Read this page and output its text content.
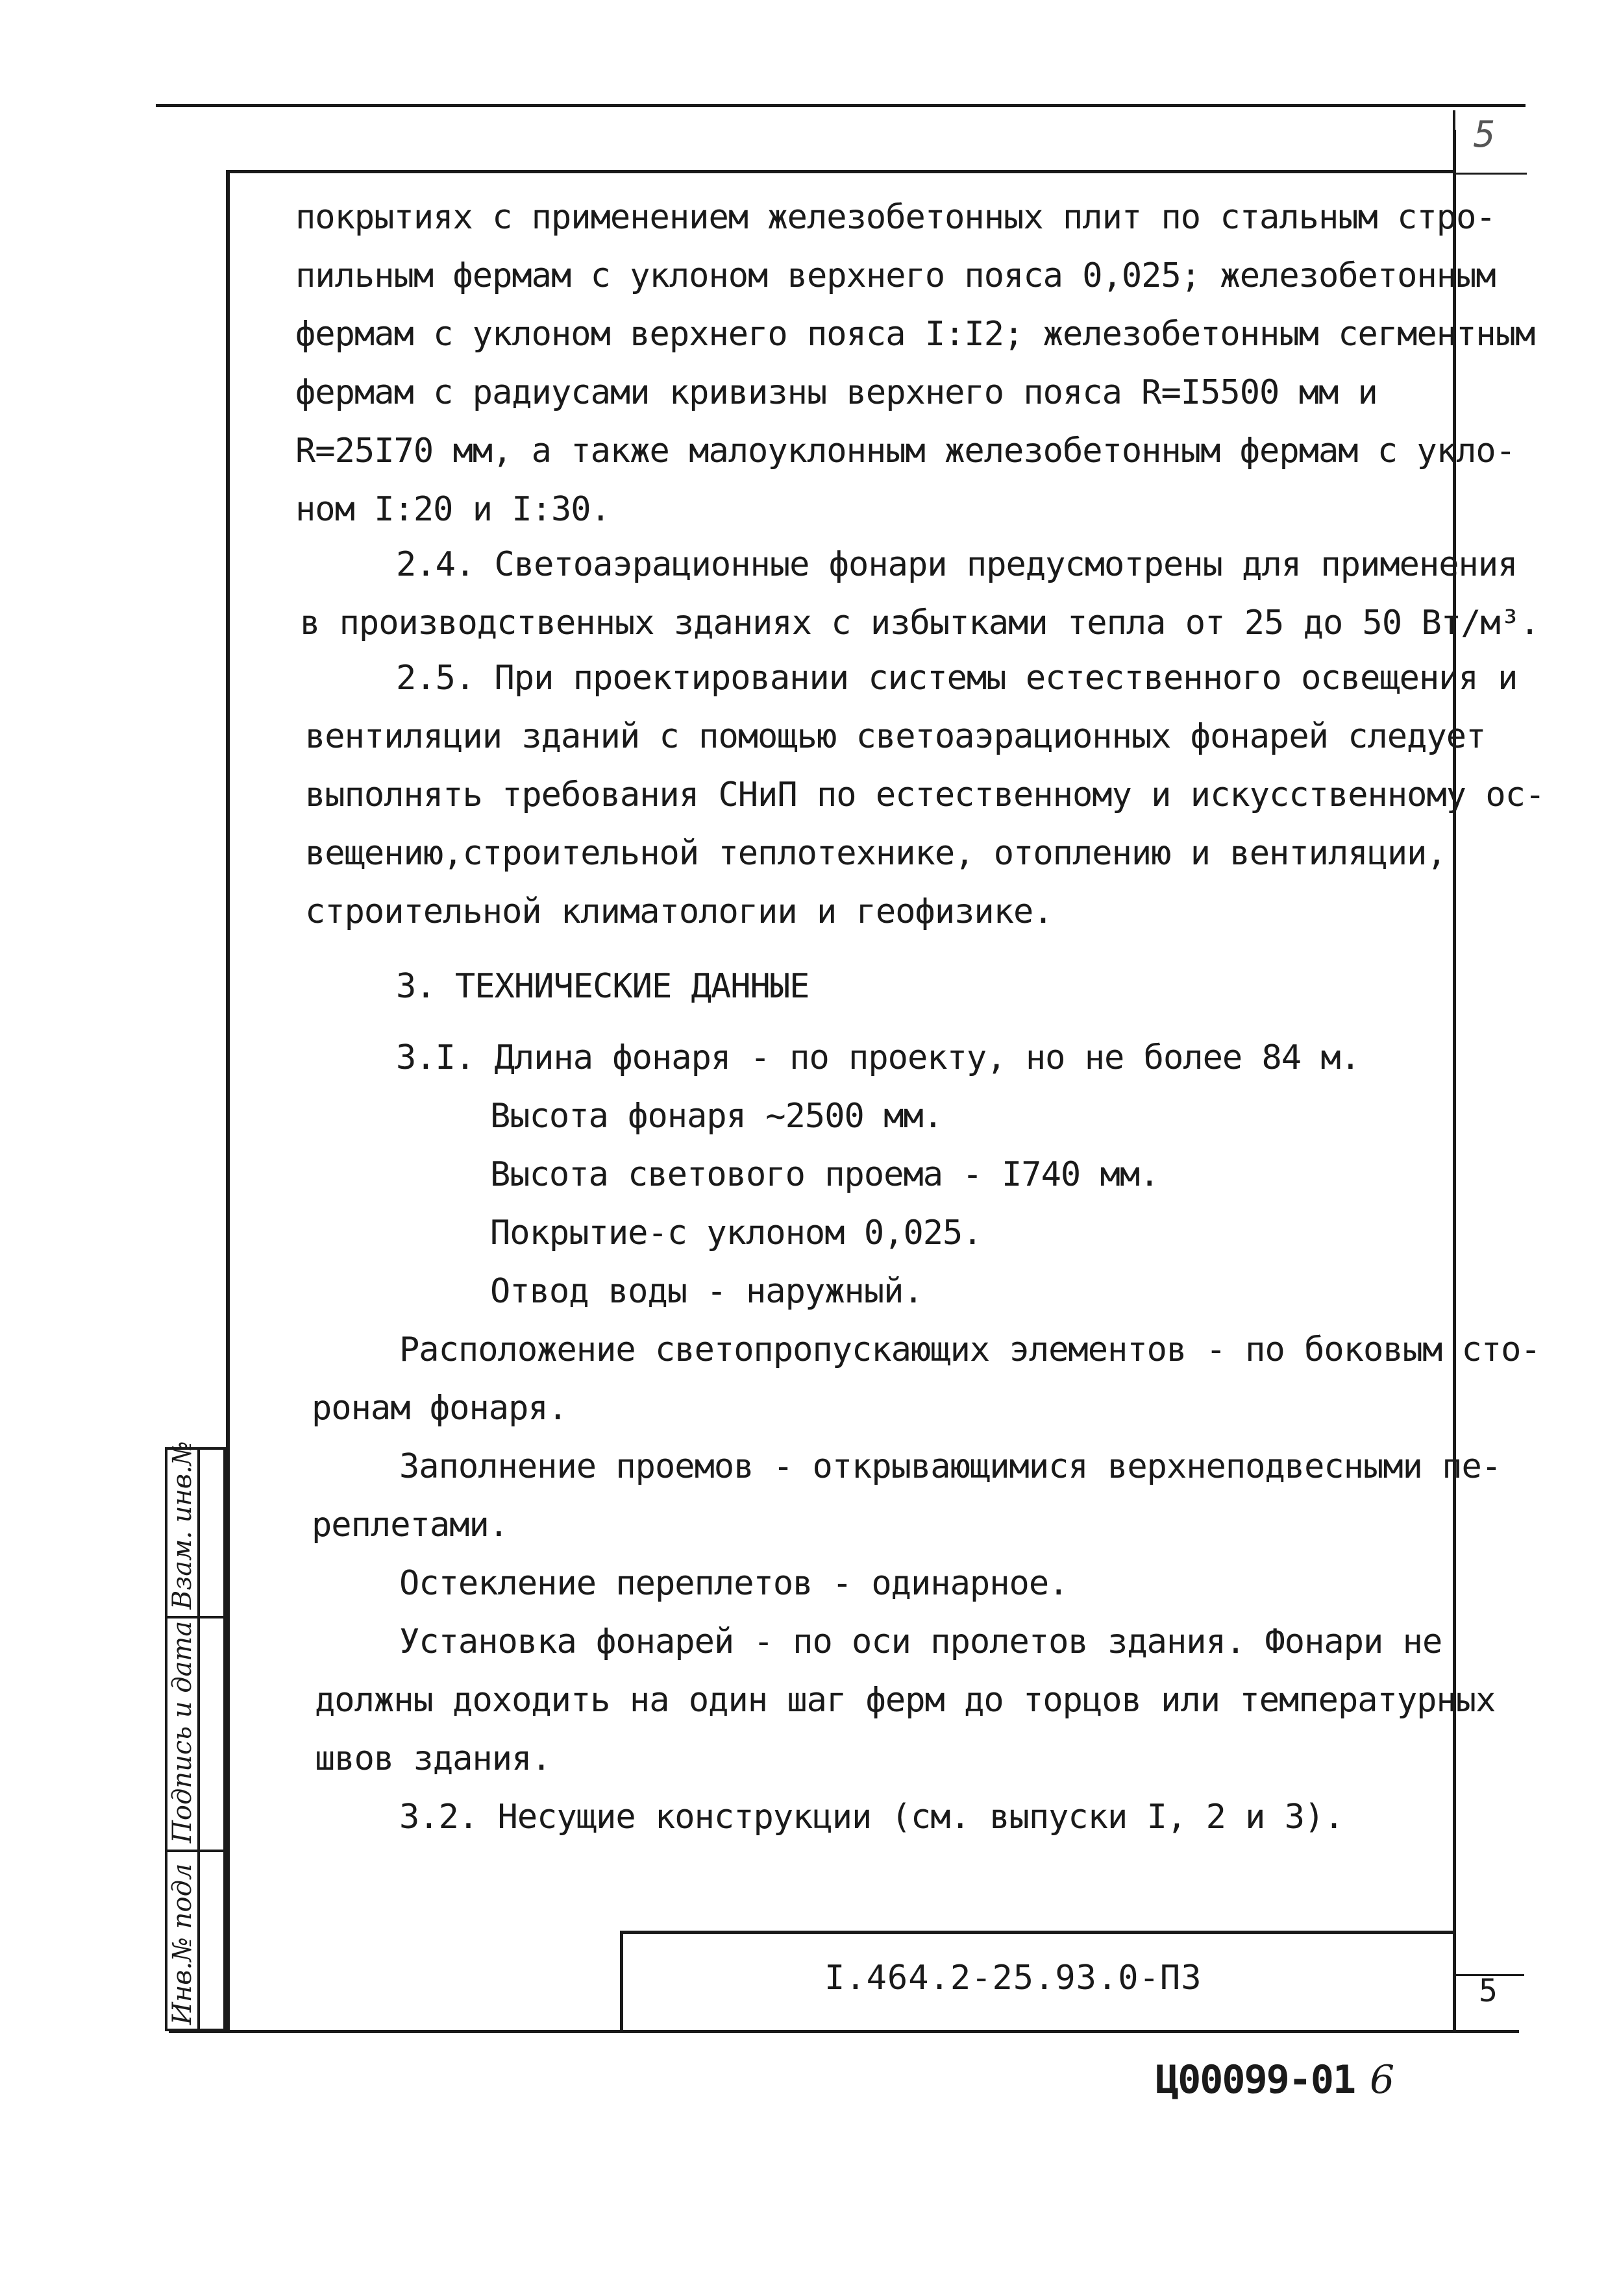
5
покрытиях с применением железобетонных плит по стальным стро-
пильным фермам с уклоном верхнего пояса 0,025; железобетонным
фермам с уклоном верхнего пояса I:I2; железобетонным сегментным
фермам с радиусами кривизны верхнего пояса R=I5500 мм и
R=25I70 мм, а также малоуклонным железобетонным фермам с укло-
ном I:20 и I:30.
2.4. Светоаэрационные фонари предусмотрены для применения
в производственных зданиях с избытками тепла от 25 до 50 Вт/м³.
2.5. При проектировании системы естественного освещения и
вентиляции зданий с помощью светоаэрационных фонарей следует
выполнять требования СНиП по естественному и искусственному ос-
вещению,строительной теплотехнике, отоплению и вентиляции,
строительной климатологии и геофизике.
3. ТЕХНИЧЕСКИЕ ДАННЫЕ
3.I. Длина фонаря - по проекту, но не более 84 м.
Высота фонаря ~2500 мм.
Высота светового проема - I740 мм.
Покрытие-с уклоном 0,025.
Отвод воды - наружный.
Расположение светопропускающих элементов - по боковым сто-
ронам фонаря.
Заполнение проемов - открывающимися верхнеподвесными пе-
реплетами.
Остекление переплетов - одинарное.
Установка фонарей - по оси пролетов здания. Фонари не
должны доходить на один шаг ферм до торцов или температурных
швов здания.
3.2. Несущие конструкции (см. выпуски I, 2 и 3).
Инв.№ подл
Подпись и дата
Взам. инв.№
I.464.2-25.93.0-ПЗ	5
Ц00099-01 6
